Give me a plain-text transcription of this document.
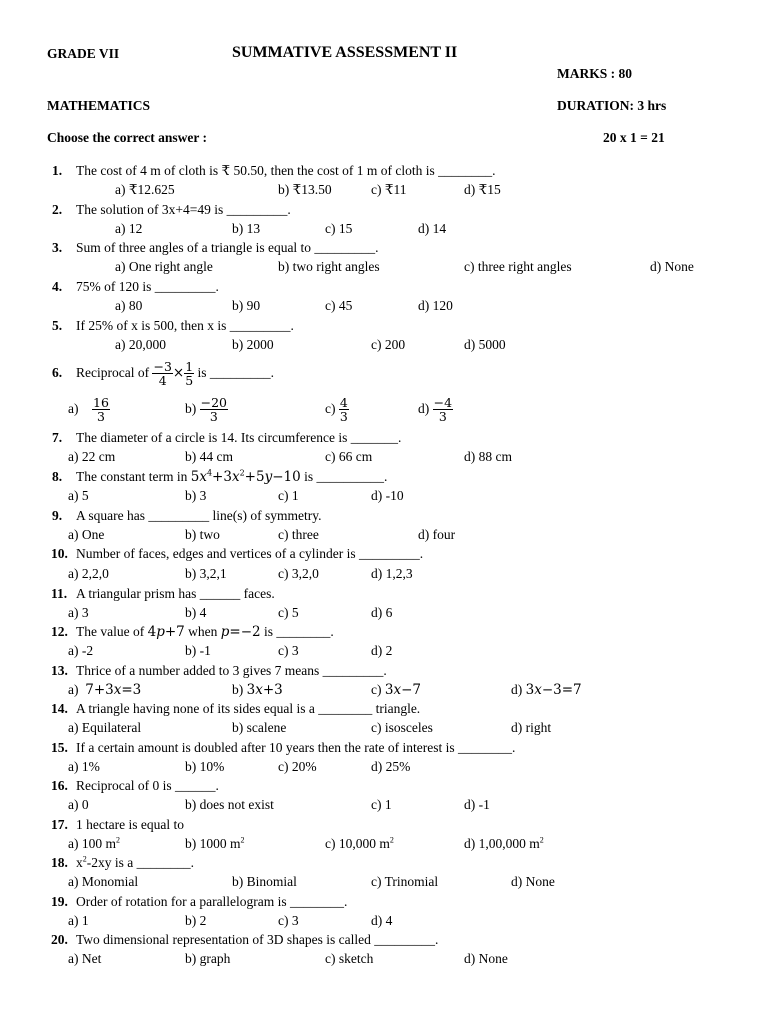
GRADE VII	SUMMATIVE ASSESSMENT II
MARKS : 80
MATHEMATICS	DURATION: 3 hrs
Choose the correct answer :	20 x 1 = 21
1. The cost of 4 m of cloth is ₹ 50.50, then the cost of 1 m of cloth is ________.
a) ₹12.625	b) ₹13.50	c) ₹11	d) ₹15
2. The solution of 3x+4=49 is _________.
a) 12	b) 13	c) 15	d) 14
3. Sum of three angles of a triangle is equal to _________.
a) One right angle	b) two right angles	c) three right angles	d) None
4. 75% of 120 is _________.
a) 80	b) 90	c) 45	d) 120
5. If 25% of x is 500, then x is _________.
a) 20,000	b) 2000	c) 200	d) 5000
6. Reciprocal of $\frac{-3}{4} \times \frac{1}{5}$ is _________.
$a) \frac{16}{3}$	$b) \frac{-20}{3}$	$c) \frac{4}{3}$	$d) \frac{-4}{3}$
7. The diameter of a circle is 14. Its circumference is _______.
a) 22 cm	b) 44 cm	c) 66 cm	d) 88 cm
8. The constant term in $5x^4+3x^2+5y-10$ is __________.
a) 5	b) 3	c) 1	d) -10
9. A square has _________ line(s) of symmetry.
a) One	b) two	c) three	d) four
10. Number of faces, edges and vertices of a cylinder is _________.
a) 2,2,0	b) 3,2,1	c) 3,2,0	d) 1,2,3
11. A triangular prism has ______ faces.
a) 3	b) 4	c) 5	d) 6
12. The value of 4p+7 when p=−2 is ________.
a) -2	b) -1	c) 3	d) 2
13. Thrice of a number added to 3 gives 7 means _________.
a) 7+3x=3	b) 3x+3	c) 3x−7	d) 3x−3=7
14. A triangle having none of its sides equal is a ________ triangle.
a) Equilateral	b) scalene	c) isosceles	d) right
15. If a certain amount is doubled after 10 years then the rate of interest is ________.
a) 1%	b) 10%	c) 20%	d) 25%
16. Reciprocal of 0 is ______.
a) 0	b) does not exist	c) 1	d) -1
17. 1 hectare is equal to
a) 100 $m^2$	b) 1000 $m^2$	c) 10,000 $m^2$	d) 1,00,000 $m^2$
18. $x^2-2xy$ is a ________.
a) Monomial	b) Binomial	c) Trinomial	d) None
19. Order of rotation for a parallelogram is ________.
a) 1	b) 2	c) 3	d) 4
20. Two dimensional representation of 3D shapes is called _________.
a) Net	b) graph	c) sketch	d) None
